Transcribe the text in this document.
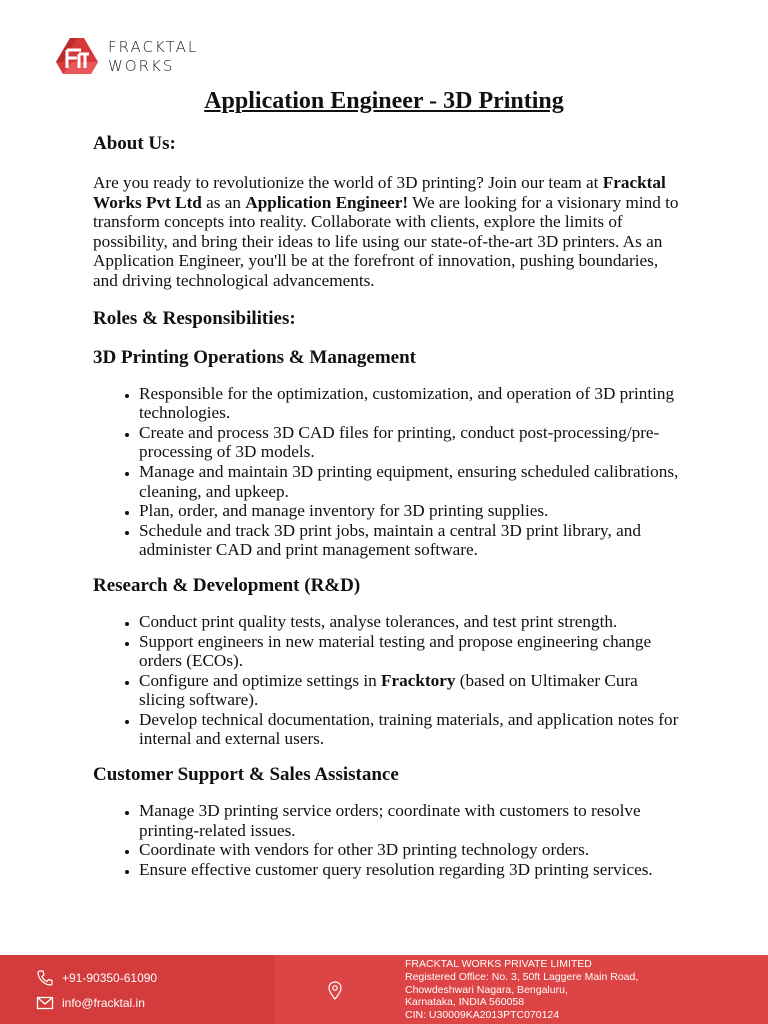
FRACKTAL
WORKS
Application Engineer - 3D Printing
About Us:

Are you ready to revolutionize the world of 3D printing? Join our team at Fracktal Works Pvt Ltd as an Application Engineer! We are looking for a visionary mind to transform concepts into reality. Collaborate with clients, explore the limits of possibility, and bring their ideas to life using our state-of-the-art 3D printers. As an Application Engineer, you'll be at the forefront of innovation, pushing boundaries, and driving technological advancements.

Roles & Responsibilities:
3D Printing Operations & Management
• Responsible for the optimization, customization, and operation of 3D printing technologies.
• Create and process 3D CAD files for printing, conduct post-processing/pre-processing of 3D models.
• Manage and maintain 3D printing equipment, ensuring scheduled calibrations, cleaning, and upkeep.
• Plan, order, and manage inventory for 3D printing supplies.
• Schedule and track 3D print jobs, maintain a central 3D print library, and administer CAD and print management software.
Research & Development (R&D)
• Conduct print quality tests, analyse tolerances, and test print strength.
• Support engineers in new material testing and propose engineering change orders (ECOs).
• Configure and optimize settings in Fracktory (based on Ultimaker Cura slicing software).
• Develop technical documentation, training materials, and application notes for internal and external users.
Customer Support & Sales Assistance
• Manage 3D printing service orders; coordinate with customers to resolve printing-related issues.
• Coordinate with vendors for other 3D printing technology orders.
• Ensure effective customer query resolution regarding 3D printing services.
+91-90350-61090
info@fracktal.in
FRACKTAL WORKS PRIVATE LIMITED
Registered Office: No. 3, 50ft Laggere Main Road,
Chowdeshwari Nagara, Bengaluru,
Karnataka, INDIA 560058
CIN: U30009KA2013PTC070124
